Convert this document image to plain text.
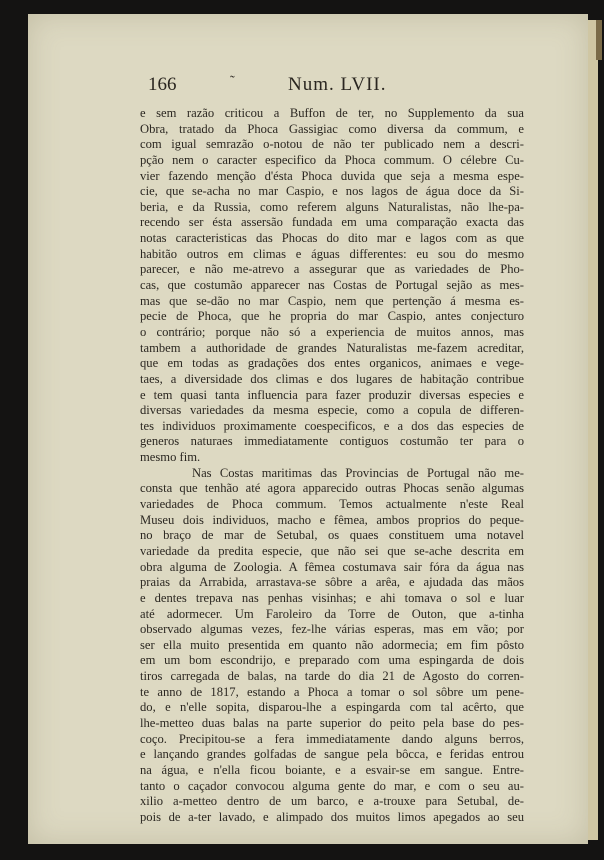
166	˜	Num. LVII.
e sem razão criticou a Buffon de ter, no Supplemento da sua
Obra, tratado da Phoca Gassigiac como diversa da commum, e
com igual semrazão o-notou de não ter publicado nem a descri-
pção nem o caracter especifico da Phoca commum. O célebre Cu-
vier fazendo menção d'ésta Phoca duvida que seja a mesma espe-
cie, que se-acha no mar Caspio, e nos lagos de água doce da Si-
beria, e da Russia, como referem alguns Naturalistas, não lhe-pa-
recendo ser ésta assersão fundada em uma comparação exacta das
notas caracteristicas das Phocas do dito mar e lagos com as que
habitão outros em climas e águas differentes: eu sou do mesmo
parecer, e não me-atrevo a assegurar que as variedades de Pho-
cas, que costumão apparecer nas Costas de Portugal sejão as mes-
mas que se-dão no mar Caspio, nem que pertenção á mesma es-
pecie de Phoca, que he propria do mar Caspio, antes conjecturo
o contrário; porque não só a experiencia de muitos annos, mas
tambem a authoridade de grandes Naturalistas me-fazem acreditar,
que em todas as gradações dos entes organicos, animaes e vege-
taes, a diversidade dos climas e dos lugares de habitação contribue
e tem quasi tanta influencia para fazer produzir diversas especies e
diversas variedades da mesma especie, como a copula de differen-
tes individuos proximamente coespecificos, e a dos das especies de
generos naturaes immediatamente contiguos costumão ter para o
mesmo fim.
Nas Costas maritimas das Provincias de Portugal não me-
consta que tenhão até agora apparecido outras Phocas senão algumas
variedades de Phoca commum. Temos actualmente n'este Real
Museu dois individuos, macho e fêmea, ambos proprios do peque-
no braço de mar de Setubal, os quaes constituem uma notavel
variedade da predita especie, que não sei que se-ache descrita em
obra alguma de Zoologia. A fêmea costumava sair fóra da água nas
praias da Arrabida, arrastava-se sôbre a arêa, e ajudada das mãos
e dentes trepava nas penhas visinhas; e ahi tomava o sol e luar
até adormecer. Um Faroleiro da Torre de Outon, que a-tinha
observado algumas vezes, fez-lhe várias esperas, mas em vão; por
ser ella muito presentida em quanto não adormecia; em fim pôsto
em um bom escondrijo, e preparado com uma espingarda de dois
tiros carregada de balas, na tarde do dia 21 de Agosto do corren-
te anno de 1817, estando a Phoca a tomar o sol sôbre um pene-
do, e n'elle sopita, disparou-lhe a espingarda com tal acêrto, que
lhe-metteo duas balas na parte superior do peito pela base do pes-
coço. Precipitou-se a fera immediatamente dando alguns berros,
e lançando grandes golfadas de sangue pela bôcca, e feridas entrou
na água, e n'ella ficou boiante, e a esvair-se em sangue. Entre-
tanto o caçador convocou alguma gente do mar, e com o seu au-
xilio a-metteo dentro de um barco, e a-trouxe para Setubal, de-
pois de a-ter lavado, e alimpado dos muitos limos apegados ao seu
